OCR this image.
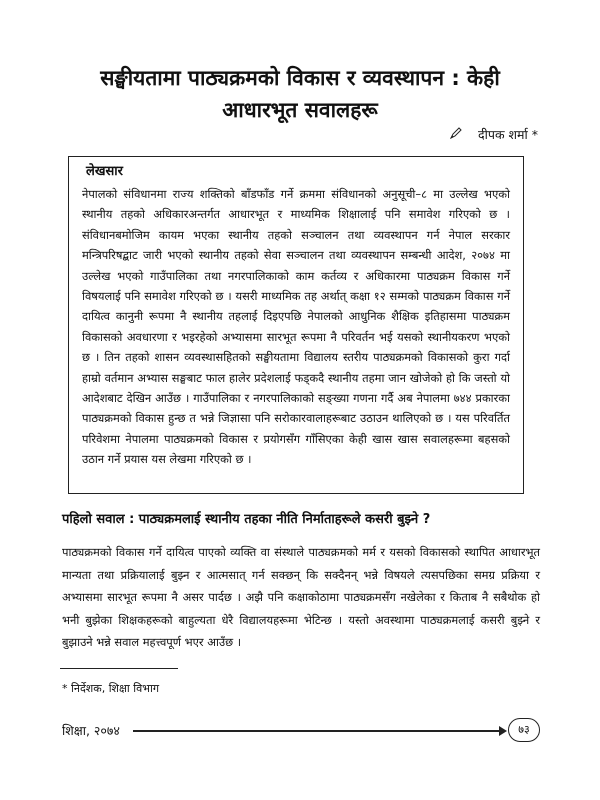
सङ्घीयतामा पाठ्यक्रमको विकास र व्यवस्थापन : केही आधारभूत सवालहरू
दीपक शर्मा *
लेखसार

नेपालको संविधानमा राज्य शक्तिको बाँडफाँड गर्ने क्रममा संविधानको अनुसूची–८ मा उल्लेख भएको स्थानीय तहको अधिकारअन्तर्गत आधारभूत र माध्यमिक शिक्षालाई पनि समावेश गरिएको छ । संविधानबमोजिम कायम भएका स्थानीय तहको सञ्चालन तथा व्यवस्थापन गर्न नेपाल सरकार मन्त्रिपरिषद्बाट जारी भएको स्थानीय तहको सेवा सञ्चालन तथा व्यवस्थापन सम्बन्धी आदेश, २०७४ मा उल्लेख भएको गाउँपालिका तथा नगरपालिकाको काम कर्तव्य र अधिकारमा पाठ्यक्रम विकास गर्ने विषयलाई पनि समावेश गरिएको छ । यसरी माध्यमिक तह अर्थात् कक्षा १२ सम्मको पाठ्यक्रम विकास गर्ने दायित्व कानुनी रूपमा नै स्थानीय तहलाई दिइएपछि नेपालको आधुनिक शैक्षिक इतिहासमा पाठ्यक्रम विकासको अवधारणा र भइरहेको अभ्यासमा सारभूत रूपमा नै परिवर्तन भई यसको स्थानीयकरण भएको छ । तिन तहको शासन व्यवस्थासहितको सङ्घीयतामा विद्यालय स्तरीय पाठ्यक्रमको विकासको कुरा गर्दा हाम्रो वर्तमान अभ्यास सङ्घबाट फाल हालेर प्रदेशलाई फड्कदै स्थानीय तहमा जान खोजेको हो कि जस्तो यो आदेशबाट देखिन आउँछ । गाउँपालिका र नगरपालिकाको सङ्ख्या गणना गर्दै अब नेपालमा ७४४ प्रकारका पाठ्यक्रमको विकास हुन्छ त भन्ने जिज्ञासा पनि सरोकारवालाहरूबाट उठाउन थालिएको छ । यस परिवर्तित परिवेशमा नेपालमा पाठ्यक्रमको विकास र प्रयोगसँग गाँसिएका केही खास खास सवालहरूमा बहसको उठान गर्ने प्रयास यस लेखमा गरिएको छ ।

पहिलो सवाल : पाठ्यक्रमलाई स्थानीय तहका नीति निर्माताहरूले कसरी बुझ्ने ?

पाठ्यक्रमको विकास गर्ने दायित्व पाएको व्यक्ति वा संस्थाले पाठ्यक्रमको मर्म र यसको विकासको स्थापित आधारभूत मान्यता तथा प्रक्रियालाई बुझ्न र आत्मसात् गर्न सक्छन् कि सक्दैनन् भन्ने विषयले त्यसपछिका समग्र प्रक्रिया र अभ्यासमा सारभूत रूपमा नै असर पार्दछ । अझै पनि कक्षाकोठामा पाठ्यक्रमसँग नखेलेका र किताब नै सबैथोक हो भनी बुझेका शिक्षकहरूको बाहुल्यता धेरै विद्यालयहरूमा भेटिन्छ । यस्तो अवस्थामा पाठ्यक्रमलाई कसरी बुझ्ने र बुझाउने भन्ने सवाल महत्त्वपूर्ण भएर आउँछ ।

* निर्देशक, शिक्षा विभाग
शिक्षा, २०७४	७३
